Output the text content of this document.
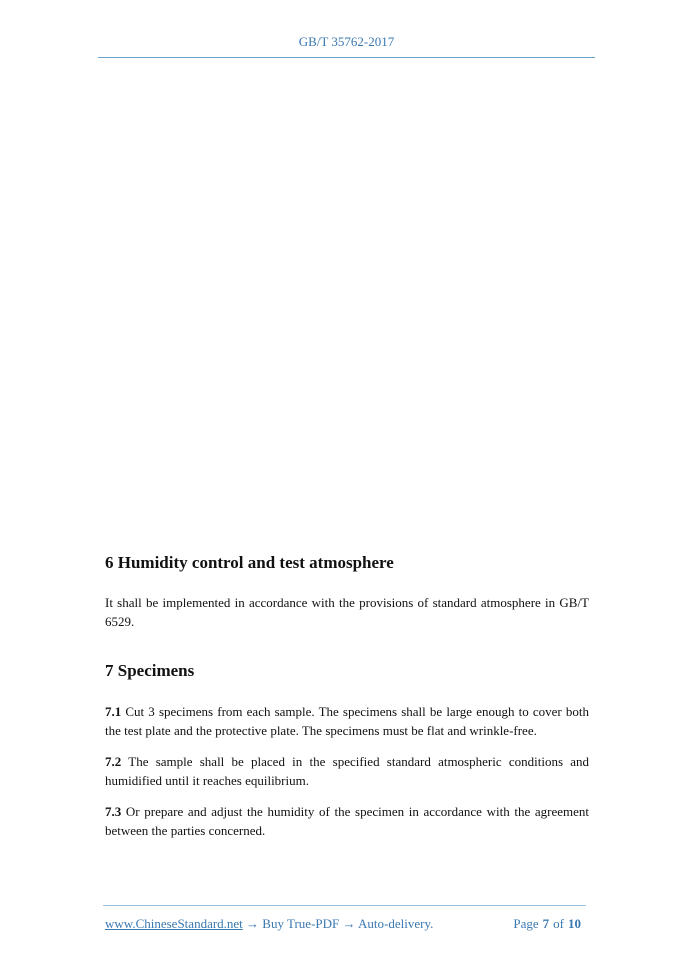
GB/T 35762-2017
6 Humidity control and test atmosphere

It shall be implemented in accordance with the provisions of standard atmosphere in GB/T 6529.

7 Specimens

7.1 Cut 3 specimens from each sample. The specimens shall be large enough to cover both the test plate and the protective plate. The specimens must be flat and wrinkle-free.

7.2 The sample shall be placed in the specified standard atmospheric conditions and humidified until it reaches equilibrium.

7.3 Or prepare and adjust the humidity of the specimen in accordance with the agreement between the parties concerned.

www.ChineseStandard.net → Buy True-PDF → Auto-delivery.	Page 7 of 10
